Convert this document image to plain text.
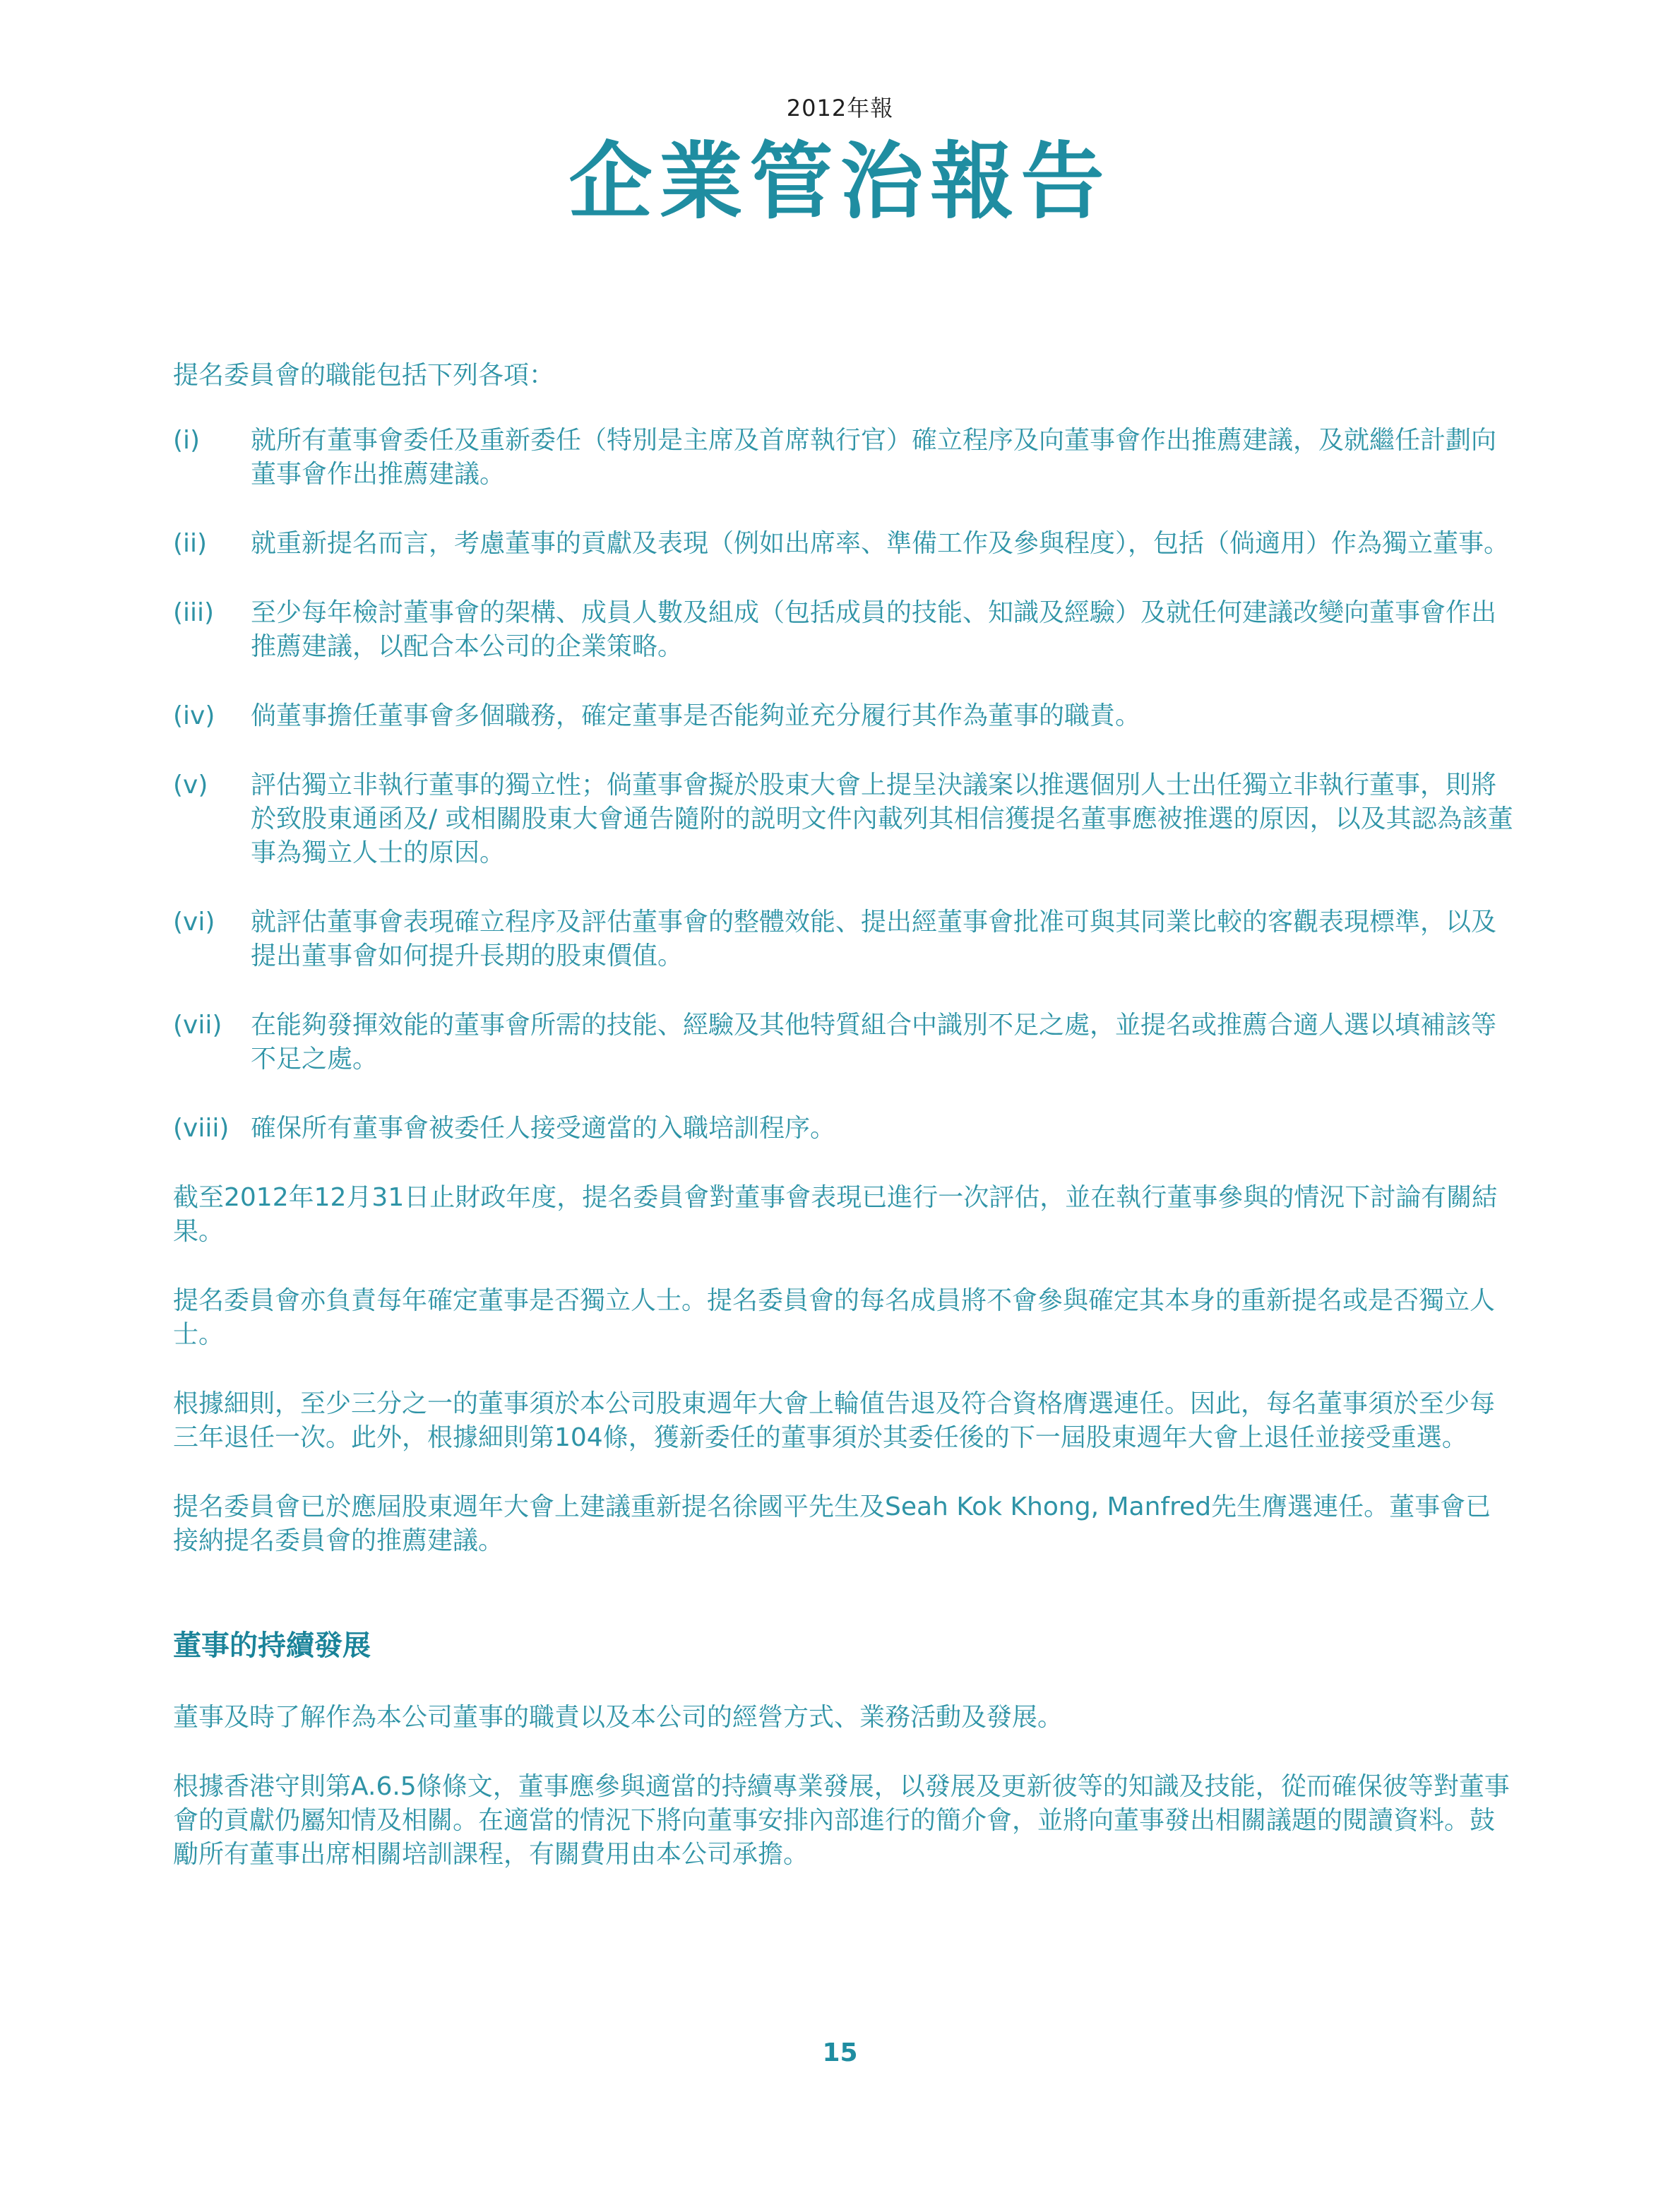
2012年報
企業管治報告

提名委員會的職能包括下列各項：

(i)	就所有董事會委任及重新委任（特別是主席及首席執行官）確立程序及向董事會作出推薦建議，及就繼任計劃向董事會作出推薦建議。
(ii)	就重新提名而言，考慮董事的貢獻及表現（例如出席率、準備工作及參與程度），包括（倘適用）作為獨立董事。
(iii)	至少每年檢討董事會的架構、成員人數及組成（包括成員的技能、知識及經驗）及就任何建議改變向董事會作出推薦建議，以配合本公司的企業策略。
(iv)	倘董事擔任董事會多個職務，確定董事是否能夠並充分履行其作為董事的職責。
(v)	評估獨立非執行董事的獨立性；倘董事會擬於股東大會上提呈決議案以推選個別人士出任獨立非執行董事，則將於致股東通函及/ 或相關股東大會通告隨附的説明文件內載列其相信獲提名董事應被推選的原因，以及其認為該董事為獨立人士的原因。
(vi)	就評估董事會表現確立程序及評估董事會的整體效能、提出經董事會批准可與其同業比較的客觀表現標準，以及提出董事會如何提升長期的股東價值。
(vii)	在能夠發揮效能的董事會所需的技能、經驗及其他特質組合中識別不足之處，並提名或推薦合適人選以填補該等不足之處。
(viii) 確保所有董事會被委任人接受適當的入職培訓程序。

截至2012年12月31日止財政年度，提名委員會對董事會表現已進行一次評估，並在執行董事參與的情況下討論有關結果。

提名委員會亦負責每年確定董事是否獨立人士。提名委員會的每名成員將不會參與確定其本身的重新提名或是否獨立人士。

根據細則，至少三分之一的董事須於本公司股東週年大會上輪值告退及符合資格膺選連任。因此，每名董事須於至少每三年退任一次。此外，根據細則第104條，獲新委任的董事須於其委任後的下一屆股東週年大會上退任並接受重選。

提名委員會已於應屆股東週年大會上建議重新提名徐國平先生及Seah Kok Khong, Manfred先生膺選連任。董事會已接納提名委員會的推薦建議。

董事的持續發展

董事及時了解作為本公司董事的職責以及本公司的經營方式、業務活動及發展。

根據香港守則第A.6.5條條文，董事應參與適當的持續專業發展，以發展及更新彼等的知識及技能，從而確保彼等對董事會的貢獻仍屬知情及相關。在適當的情況下將向董事安排內部進行的簡介會，並將向董事發出相關議題的閱讀資料。鼓勵所有董事出席相關培訓課程，有關費用由本公司承擔。

15
